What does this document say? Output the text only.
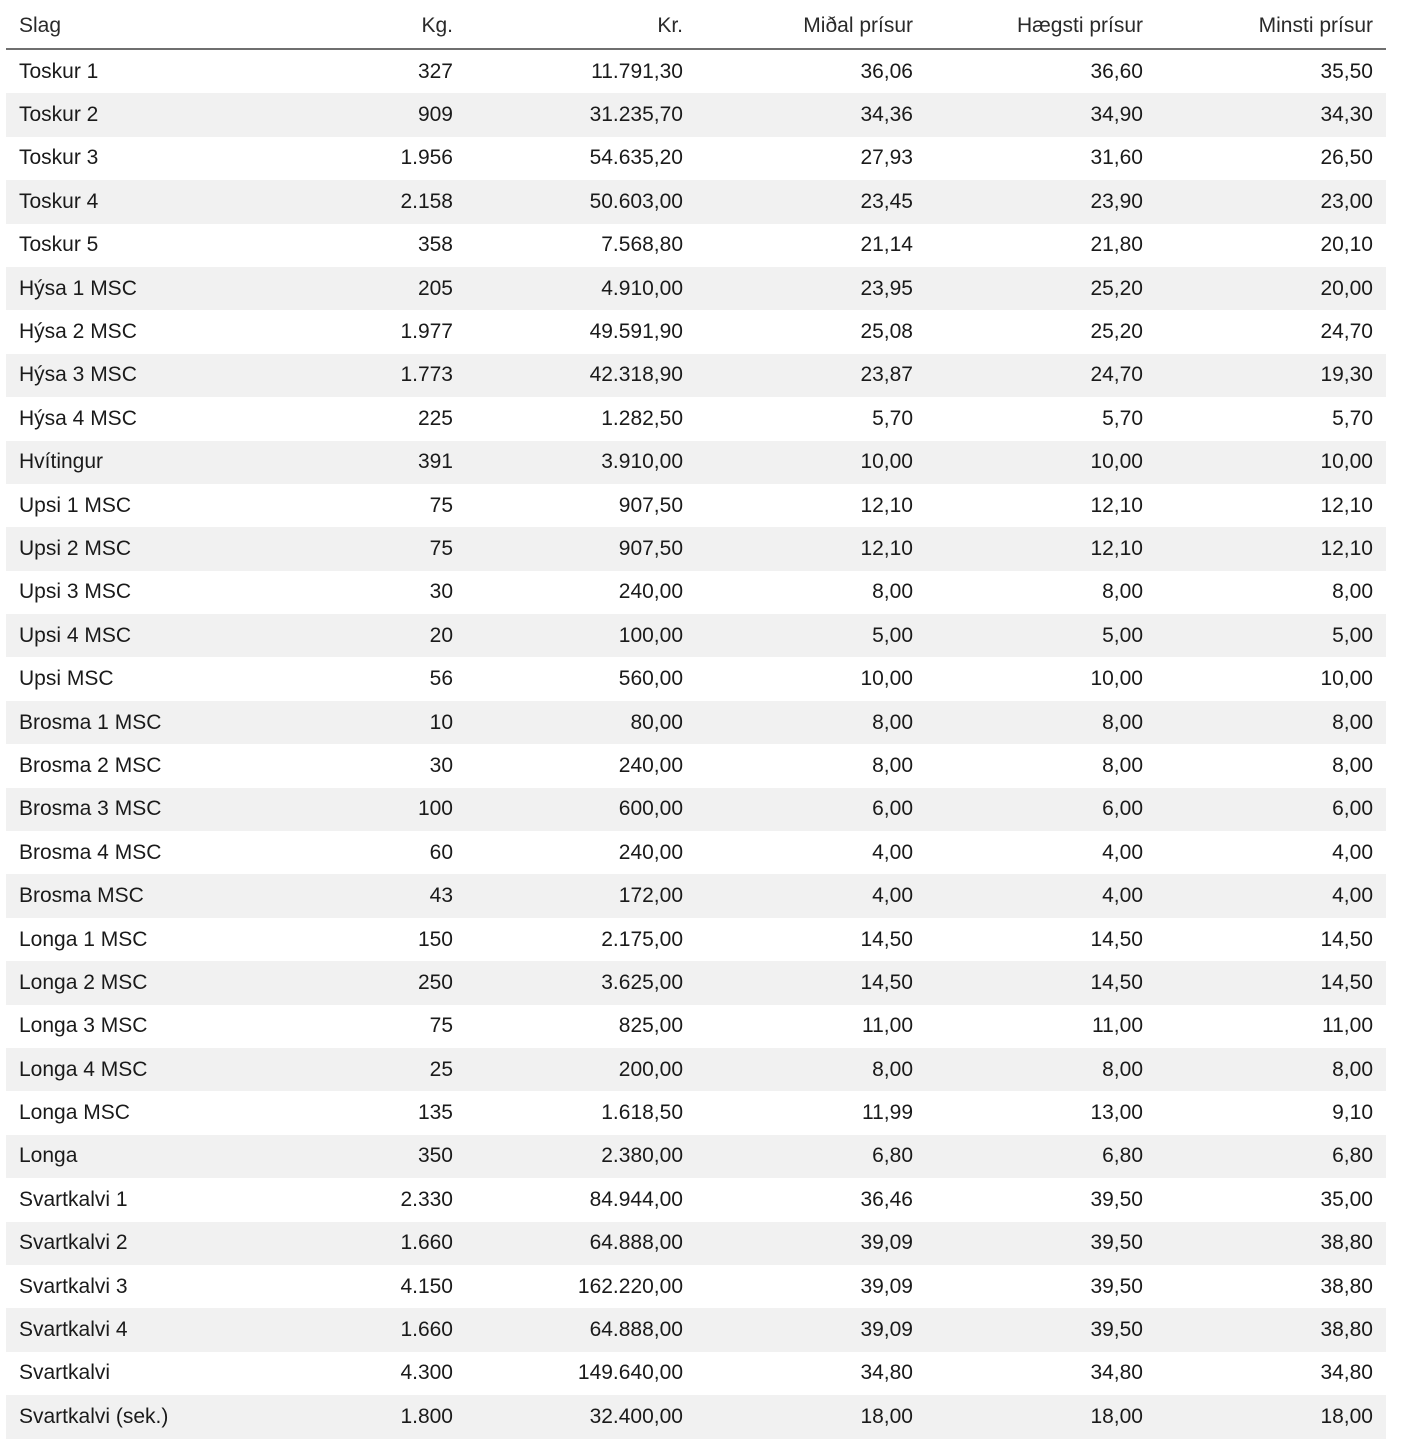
Slag	Kg.	Kr.	Miðal prísur	Hægsti prísur	Minsti prísur
Toskur 1	327	11.791,30	36,06	36,60	35,50
Toskur 2	909	31.235,70	34,36	34,90	34,30
Toskur 3	1.956	54.635,20	27,93	31,60	26,50
Toskur 4	2.158	50.603,00	23,45	23,90	23,00
Toskur 5	358	7.568,80	21,14	21,80	20,10
Hýsa 1 MSC	205	4.910,00	23,95	25,20	20,00
Hýsa 2 MSC	1.977	49.591,90	25,08	25,20	24,70
Hýsa 3 MSC	1.773	42.318,90	23,87	24,70	19,30
Hýsa 4 MSC	225	1.282,50	5,70	5,70	5,70
Hvítingur	391	3.910,00	10,00	10,00	10,00
Upsi 1 MSC	75	907,50	12,10	12,10	12,10
Upsi 2 MSC	75	907,50	12,10	12,10	12,10
Upsi 3 MSC	30	240,00	8,00	8,00	8,00
Upsi 4 MSC	20	100,00	5,00	5,00	5,00
Upsi MSC	56	560,00	10,00	10,00	10,00
Brosma 1 MSC	10	80,00	8,00	8,00	8,00
Brosma 2 MSC	30	240,00	8,00	8,00	8,00
Brosma 3 MSC	100	600,00	6,00	6,00	6,00
Brosma 4 MSC	60	240,00	4,00	4,00	4,00
Brosma MSC	43	172,00	4,00	4,00	4,00
Longa 1 MSC	150	2.175,00	14,50	14,50	14,50
Longa 2 MSC	250	3.625,00	14,50	14,50	14,50
Longa 3 MSC	75	825,00	11,00	11,00	11,00
Longa 4 MSC	25	200,00	8,00	8,00	8,00
Longa MSC	135	1.618,50	11,99	13,00	9,10
Longa	350	2.380,00	6,80	6,80	6,80
Svartkalvi 1	2.330	84.944,00	36,46	39,50	35,00
Svartkalvi 2	1.660	64.888,00	39,09	39,50	38,80
Svartkalvi 3	4.150	162.220,00	39,09	39,50	38,80
Svartkalvi 4	1.660	64.888,00	39,09	39,50	38,80
Svartkalvi	4.300	149.640,00	34,80	34,80	34,80
Svartkalvi (sek.)	1.800	32.400,00	18,00	18,00	18,00
